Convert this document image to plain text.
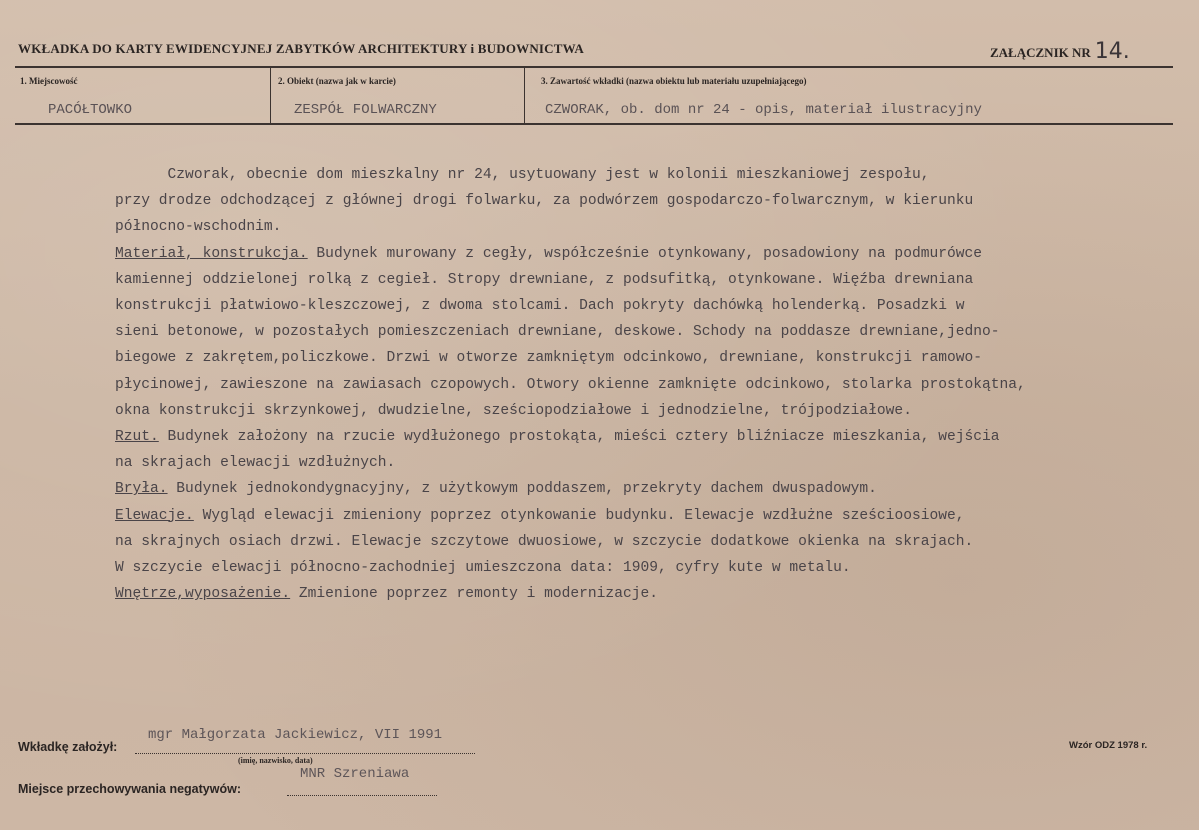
WKŁADKA DO KARTY EWIDENCYJNEJ ZABYTKÓW ARCHITEKTURY i BUDOWNICTWA	ZAŁĄCZNIK NR 14.
1. Miejscowość
PACÓŁTOWKO
2. Obiekt (nazwa jak w karcie)
ZESPÓŁ FOLWARCZNY
3. Zawartość wkładki (nazwa obiektu lub materiału uzupełniającego)
CZWORAK, ob. dom nr 24 - opis, materiał ilustracyjny

Czworak, obecnie dom mieszkalny nr 24, usytuowany jest w kolonii mieszkaniowej zespołu,

przy drodze odchodzącej z głównej drogi folwarku, za podwórzem gospodarczo-folwarcznym, w kierunku

północno-wschodnim.

Materiał, konstrukcja. Budynek murowany z cegły, współcześnie otynkowany, posadowiony na podmurówce

kamiennej oddzielonej rolką z cegieł. Stropy drewniane, z podsufitką, otynkowane. Więźba drewniana

konstrukcji płatwiowo-kleszczowej, z dwoma stolcami. Dach pokryty dachówką holenderką. Posadzki w

sieni betonowe, w pozostałych pomieszczeniach drewniane, deskowe. Schody na poddasze drewniane,jedno-

biegowe z zakrętem,policzkowe. Drzwi w otworze zamkniętym odcinkowo, drewniane, konstrukcji ramowo-

płycinowej, zawieszone na zawiasach czopowych. Otwory okienne zamknięte odcinkowo, stolarka prostokątna,

okna konstrukcji skrzynkowej, dwudzielne, sześciopodziałowe i jednodzielne, trójpodziałowe.

Rzut. Budynek założony na rzucie wydłużonego prostokąta, mieści cztery bliźniacze mieszkania, wejścia

na skrajach elewacji wzdłużnych.

Bryła. Budynek jednokondygnacyjny, z użytkowym poddaszem, przekryty dachem dwuspadowym.

Elewacje. Wygląd elewacji zmieniony poprzez otynkowanie budynku. Elewacje wzdłużne sześcioosiowe,

na skrajnych osiach drzwi. Elewacje szczytowe dwuosiowe, w szczycie dodatkowe okienka na skrajach.

W szczycie elewacji północno-zachodniej umieszczona data: 1909, cyfry kute w metalu.

Wnętrze,wyposażenie. Zmienione poprzez remonty i modernizacje.

Wkładkę założył:
mgr Małgorzata Jackiewicz, VII 1991
(imię, nazwisko, data)
Miejsce przechowywania negatywów:
MNR Szreniawa
Wzór ODZ 1978 r.
